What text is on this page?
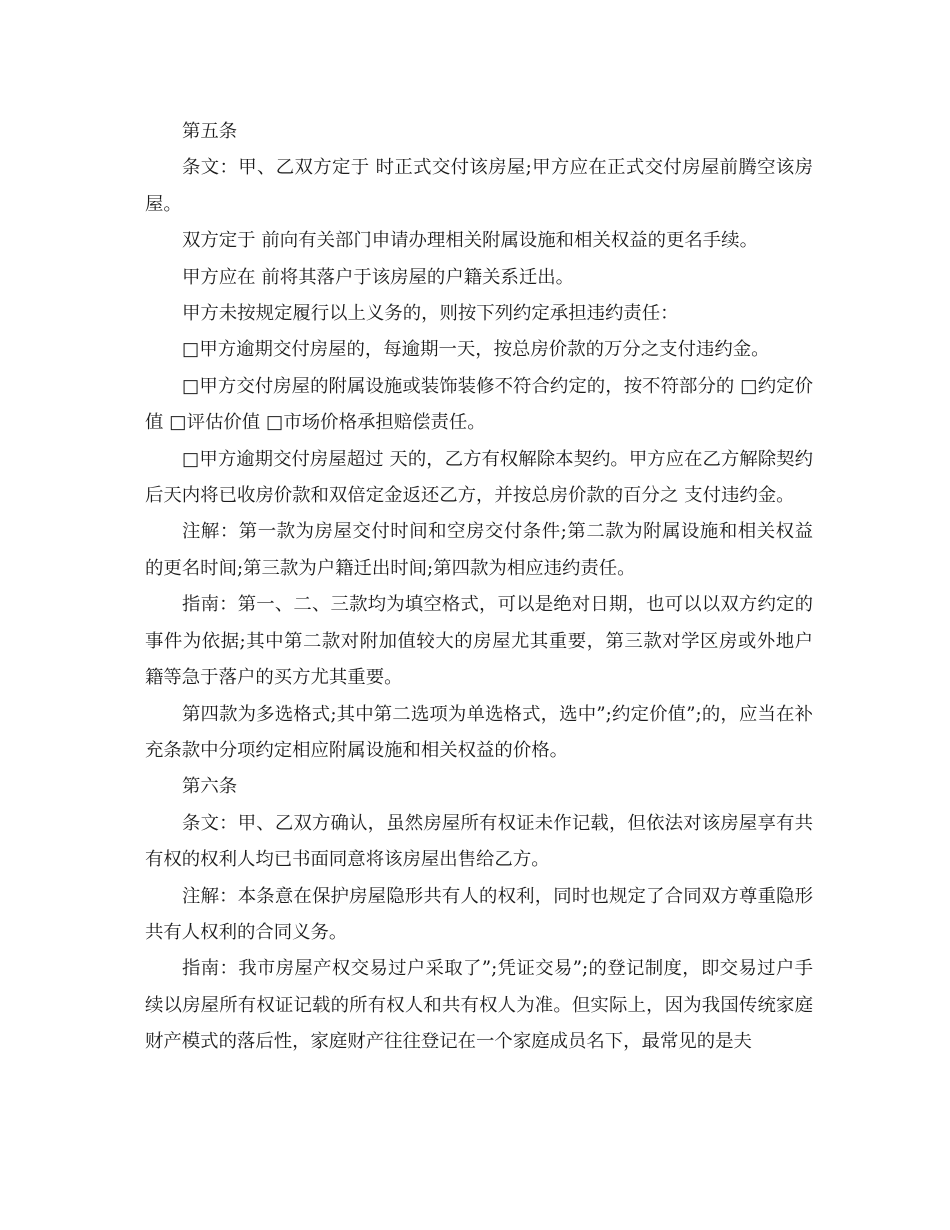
第五条

条文：甲、乙双方定于 时正式交付该房屋;甲方应在正式交付房屋前腾空该房屋。

双方定于 前向有关部门申请办理相关附属设施和相关权益的更名手续。

甲方应在 前将其落户于该房屋的户籍关系迁出。

甲方未按规定履行以上义务的，则按下列约定承担违约责任：

□甲方逾期交付房屋的，每逾期一天，按总房价款的万分之支付违约金。

□甲方交付房屋的附属设施或装饰装修不符合约定的，按不符部分的 □约定价值 □评估价值 □市场价格承担赔偿责任。

□甲方逾期交付房屋超过 天的，乙方有权解除本契约。甲方应在乙方解除契约后天内将已收房价款和双倍定金返还乙方，并按总房价款的百分之 支付违约金。

注解：第一款为房屋交付时间和空房交付条件;第二款为附属设施和相关权益的更名时间;第三款为户籍迁出时间;第四款为相应违约责任。

指南：第一、二、三款均为填空格式，可以是绝对日期，也可以以双方约定的事件为依据;其中第二款对附加值较大的房屋尤其重要，第三款对学区房或外地户籍等急于落户的买方尤其重要。

第四款为多选格式;其中第二选项为单选格式，选中”;约定价值”;的，应当在补充条款中分项约定相应附属设施和相关权益的价格。

第六条

条文：甲、乙双方确认，虽然房屋所有权证未作记载，但依法对该房屋享有共有权的权利人均已书面同意将该房屋出售给乙方。

注解：本条意在保护房屋隐形共有人的权利，同时也规定了合同双方尊重隐形共有人权利的合同义务。

指南：我市房屋产权交易过户采取了”;凭证交易”;的登记制度，即交易过户手续以房屋所有权证记载的所有权人和共有权人为准。但实际上，因为我国传统家庭财产模式的落后性，家庭财产往往登记在一个家庭成员名下，最常见的是夫
